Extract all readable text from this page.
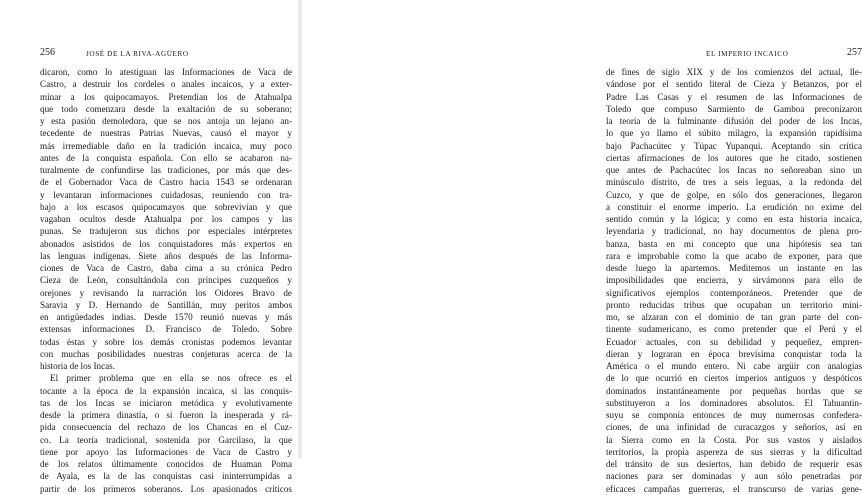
256	JOSÉ DE LA RIVA-AGÜERO
dicaron, como lo atestiguan las Informaciones de Vaca de
Castro, a destruir los cordeles o anales incaicos, y a exter-
minar a los quipocamayos. Pretendían los de Atahualpa
que todo comenzara desde la exaltación de su soberano;
y esta pasión demoledora, que se nos antoja un lejano an-
tecedente de nuestras Patrias Nuevas, causó el mayor y
más irremediable daño en la tradición incaica, muy poco
antes de la conquista española. Con ello se acabaron na-
turalmente de confundirse las tradiciones, por más que des-
de el Gobernador Vaca de Castro hacia 1543 se ordenaran
y levantaran informaciones cuidadosas, reuniendo con tra-
bajo a los escasos quipocamayos que sobrevivían y que
vagaban ocultos desde Atahualpa por los campos y las
punas. Se tradujeron sus dichos por especiales intérpretes
abonados asistidos de los conquistadores más expertos en
las lenguas indígenas. Siete años después de las Informa-
ciones de Vaca de Castro, daba cima a su crónica Pedro
Cieza de León, consultándola con príncipes cuzqueños y
orejones y revisando la narración los Oidores Bravo de
Saravia y D. Hernando de Santillán, muy peritos ambos
en antigüedades indias. Desde 1570 reunió nuevas y más
extensas informaciones D. Francisco de Toledo. Sobre
todas éstas y sobre los demás cronistas podemos levantar
con muchas posibilidades nuestras conjeturas acerca de la
historia de los Incas.
El primer problema que en ella se nos ofrece es el
tocante a la época de la expansión incaica, si las conquis-
tas de los Incas se iniciaron metódica y evolutivamente
desde la primera dinastía, o si fueron la inesperada y rá-
pida consecuencia del rechazo de los Chancas en el Cuz-
co. La teoría tradicional, sostenida por Garcilaso, la que
tiene por apoyo las Informaciones de Vaca de Castro y
de los relatos últimamente conocidos de Huaman Poma
de Ayala, es la de las conquistas casi ininterrumpidas a
partir de los primeros soberanos. Los apasionados críticos
EL IMPERIO INCAICO	257
de fines de siglo XIX y de los comienzos del actual, lle-
vándose por el sentido literal de Cieza y Betanzos, por el
Padre Las Casas y el resumen de las Informaciones de
Toledo que compuso Sarmiento de Gamboa preconizaron
la teoría de la fulminante difusión del poder de los Incas,
lo que yo llamo el súbito milagro, la expansión rapidísima
bajo Pachacútec y Túpac Yupanqui. Aceptando sin crítica
ciertas afirmaciones de los autores que he citado, sostienen
que antes de Pachacútec los Incas no señoreaban sino un
minúsculo distrito, de tres a seis leguas, a la redonda del
Cuzco, y que de golpe, en sólo dos generaciones, llegaron
a constituir el enorme imperio. La erudición no exime del
sentido común y la lógica; y como en esta historia incaica,
leyendaria y tradicional, no hay documentos de plena pro-
banza, basta en mi concepto que una hipótesis sea tan
rara e improbable como la que acabo de exponer, para que
desde luego la apartemos. Meditemos un instante en las
imposibilidades que encierra, y sirvámonos para ello de
significativos ejemplos contemporáneos. Pretender que de
pronto reducidas tribus que ocupaban un territorio míni-
mo, se alzaran con el dominio de tan gran parte del con-
tinente sudamericano, es como pretender que el Perú y el
Ecuador actuales, con su debilidad y pequeñez, empren-
dieran y lograran en época brevísima conquistar toda la
América o el mundo entero. Ni cabe argüir con analogías
de lo que ocurrió en ciertos imperios antiguos y despóticos
dominados instantáneamente por pequeñas hordas que se
substituyeron a los dominadores absolutos. El Tahuantin-
suyu se componía entonces de muy numerosas confedera-
ciones, de una infinidad de curacazgos y señoríos, así en
la Sierra como en la Costa. Por sus vastos y aislados
territorios, la propia aspereza de sus sierras y la dificultad
del tránsito de sus desiertos, han debido de requerir esas
naciones para ser dominadas y aun sólo penetradas por
eficaces campañas guerreras, el transcurso de varias gene-
